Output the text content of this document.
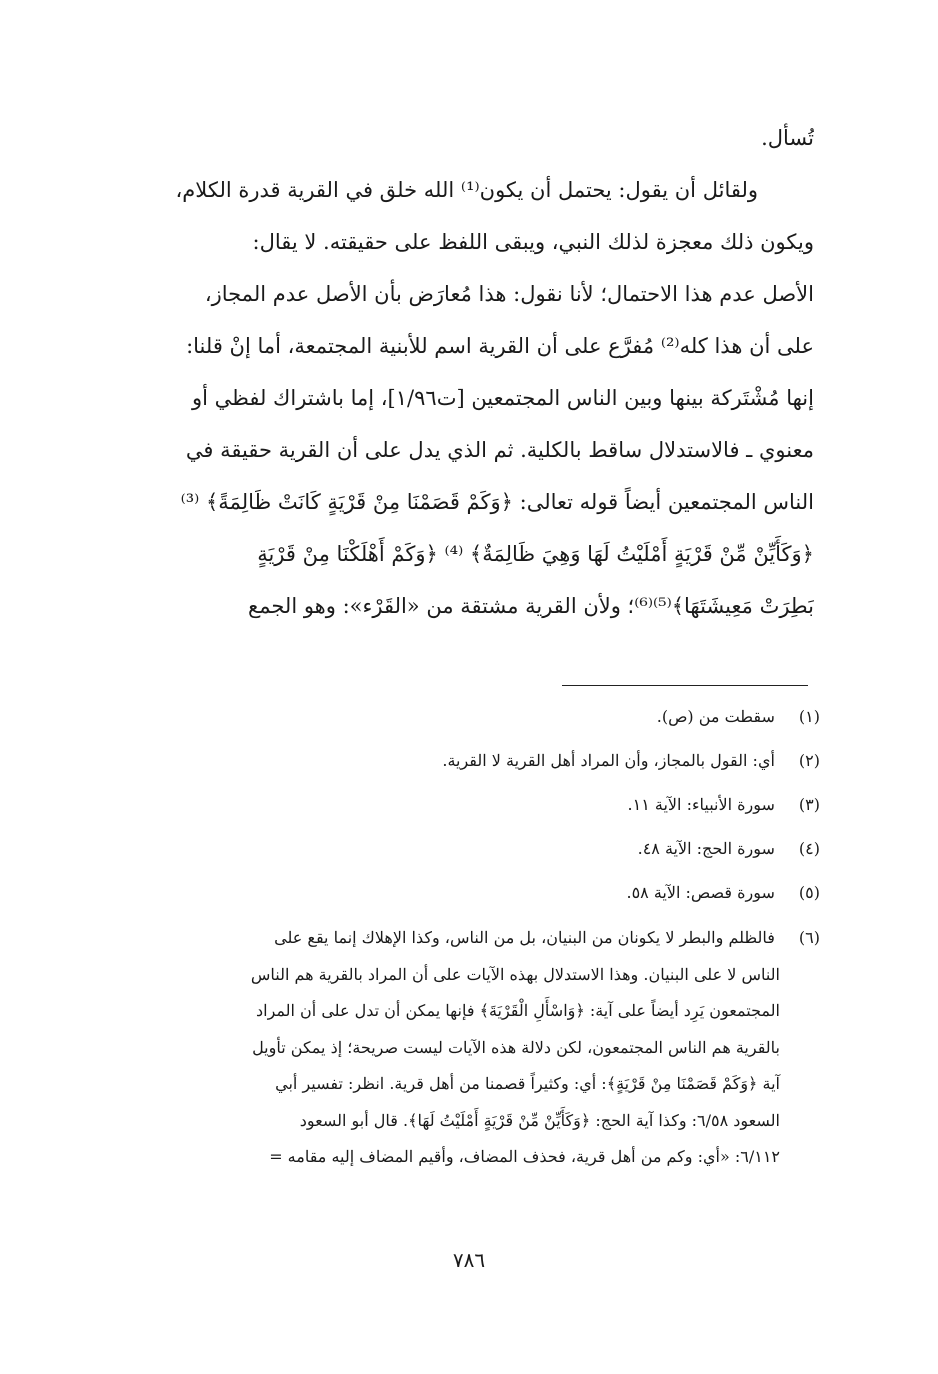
تُسأل.
ولقائل أن يقول: يحتمل أن يكون⁽¹⁾ الله خلق في القرية قدرة الكلام،
ويكون ذلك معجزة لذلك النبي، ويبقى اللفظ على حقيقته. لا يقال:
الأصل عدم هذا الاحتمال؛ لأنا نقول: هذا مُعارَض بأن الأصل عدم المجاز،
على أن هذا كله⁽²⁾ مُفرَّع على أن القرية اسم للأبنية المجتمعة، أما إنْ قلنا:
إنها مُشْتَركة بينها وبين الناس المجتمعين [ت١/٩٦]، إما باشتراك لفظي أو
معنوي ـ فالاستدلال ساقط بالكلية. ثم الذي يدل على أن القرية حقيقة في
الناس المجتمعين أيضاً قوله تعالى: ﴿وَكَمْ قَصَمْنَا مِنْ قَرْيَةٍ كَانَتْ ظَالِمَةً﴾ ⁽³⁾
﴿وَكَأَيِّنْ مِّنْ قَرْيَةٍ أَمْلَيْتُ لَهَا وَهِيَ ظَالِمَةٌ﴾ ⁽⁴⁾ ﴿وَكَمْ أَهْلَكْنَا مِنْ قَرْيَةٍ
بَطِرَتْ مَعِيشَتَهَا﴾⁽⁵⁾⁽⁶⁾؛ ولأن القرية مشتقة من «القَرْء»: وهو الجمع
(١) سقطت من (ص).
(٢) أي: القول بالمجاز، وأن المراد أهل القرية لا القرية.
(٣) سورة الأنبياء: الآية ١١.
(٤) سورة الحج: الآية ٤٨.
(٥) سورة قصص: الآية ٥٨.
(٦) فالظلم والبطر لا يكونان من البنيان، بل من الناس، وكذا الإهلاك إنما يقع على
الناس لا على البنيان. وهذا الاستدلال بهذه الآيات على أن المراد بالقرية هم الناس
المجتمعون يَرِد أيضاً على آية: ﴿وَاسْأَلِ الْقَرْيَةَ﴾ فإنها يمكن أن تدل على أن المراد
بالقرية هم الناس المجتمعون، لكن دلالة هذه الآيات ليست صريحة؛ إذ يمكن تأويل
آية ﴿وَكَمْ قَصَمْنَا مِنْ قَرْيَةٍ﴾: أي: وكثيراً قصمنا من أهل قرية. انظر: تفسير أبي
السعود ٦/٥٨: وكذا آية الحج: ﴿وَكَأَيِّنْ مِّنْ قَرْيَةٍ أَمْلَيْتُ لَهَا﴾. قال أبو السعود
٦/١١٢: «أي: وكم من أهل قرية، فحذف المضاف، وأقيم المضاف إليه مقامه =
٧٨٦
